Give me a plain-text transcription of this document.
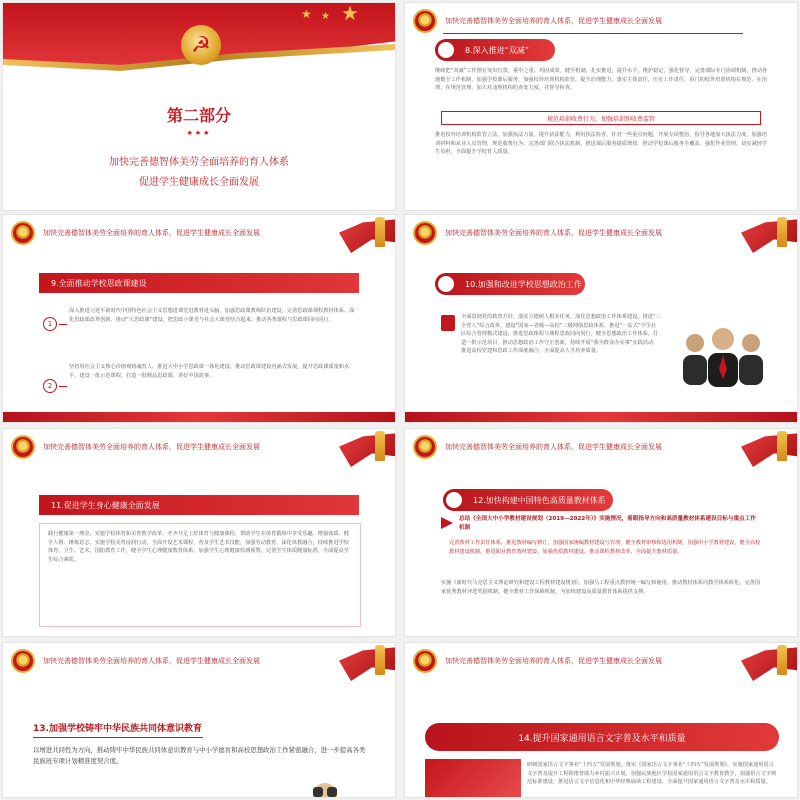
★ ★ ★
☭
第二部分
★★★
加快完善德智体美劳全面培养的育人体系
促进学生健康成长全面发展
加快完善德智体美劳全面培养的育人体系，促进学生健康成长全面发展
8.深入推进“双减”
继续把“双减”工作摆在突出位置，重中之重。巩固成果，健全机制，扎实推进，提升水平，维护稳定，强化督导，完善部际专门协调机制，推动各地健全工作机制，加强学校课后服务，加强校外培训机构监管，提升治理能力，落实主体责任，压实工作责任，看门的校外培训机构在规范、在治理，在规范管理，加大对违规机构的查处力度，并督导检查。
规范培训收费行为，加强培训预收费监管
推进校外培训机构监管立法，加强执法力量，提升执法能力，利用执法检查，针对一些重点问题，开展专项整治，指导各地加大执法力度。加强培训材料和从业人员管理，规范收费行为，完善部门联合执法机制。推进课后服务提质增效，推动学校课后服务全覆盖。强化作业管理，切实减轻学生负担，全面提升学校育人质量。
加快完善德智体美劳全面培养的育人体系，促进学生健康成长全面发展
9.全面推动学校思政课建设
1
深入推进习近平新时代中国特色社会主义思想进课堂进教材进头脑。加强思政课教师队伍建设，完善思政课课程教材体系。深化思政课改革创新，推动“大思政课”建设，把思政小课堂与社会大课堂结合起来，推动各类课程与思政课同向同行。
2
坚持用社会主义核心价值观铸魂育人，推进大中小学思政课一体化建设，推动思政课建设内涵式发展，提升思政课质量和水平，建设一批示范课程，打造一批精品思政课，讲好中国故事。
加快完善德智体美劳全面培养的育人体系，促进学生健康成长全面发展
10.加强和改进学校思想政治工作
全面贯彻党的教育方针，落实立德树人根本任务，深化思想政治工作体系建设，推进“三全育人”综合改革，建设“国家—省级—高校”三级网络思政体系，推进“一站式”学生社区综合管理模式建设，推进思政课程与课程思政同向同行，健全思想政治工作体系，打造一批示范项目，推动思想政治工作守正创新，持续开展“我为群众办实事”实践活动，推进高校党建和思政工作深度融合，全面提高人才培养质量。
加快完善德智体美劳全面培养的育人体系，促进学生健康成长全面发展
11.促进学生身心健康全面发展
践行健康第一理念，实施学校体育和美育教学改革，开齐开足上好体育与健康课程，帮助学生在体育锻炼中享受乐趣、增强体质、健全人格、锤炼意志。实施学校美育浸润行动，全面开设艺术课程，普及学生艺术技能，加强劳动教育，深化体教融合，持续推进学校体育、卫生、艺术、国防教育工作，健全学生心理健康教育体系，加强学生心理健康监测预警，完善学生体质健康标准，全面提高学生综合素质。
加快完善德智体美劳全面培养的育人体系，促进学生健康成长全面发展
12.加快构建中国特色高质量教材体系
总结《全国大中小学教材建设规划（2019—2022年）》实施情况，着眼指导方向和高质量教材体系建设目标与重点工作机制
完善教材工作责任体系，推进教材编写修订，加强国家统编教材建设与管理，健全教材审核和选用机制，加强中小学教材建设，健全高校教材建设机制，推进职业教育教材建设，加强优质教材建设，推动课程教材改革，全面提升教材质量。
实施《新时代马克思主义理论研究和建设工程教材建设规划》，加强马工程重点教材统一编写和使用，推动教材体系向教学体系转化，完善国家优秀教材评选奖励机制，健全教材工作保障机制，为加快建设高质量教育体系提供支撑。
加快完善德智体美劳全面培养的育人体系，促进学生健康成长全面发展
13.加强学校铸牢中华民族共同体意识教育
以增进共同性为方向，推动铸牢中华民族共同体意识教育与中小学德育和高校思想政治工作紧密融合，进一步提高各类民族班专项计划精准度契合度。
加快完善德智体美劳全面培养的育人体系，促进学生健康成长全面发展
14.提升国家通用语言文字普及水平和质量
研制国家语言文字事业“十四五”发展规划，落实《国家语言文字事业“十四五”发展规划》，实施国家通用语言文字普及提升工程和推普助力乡村振兴计划，加强民族地区学校国家通用语言文字教育教学，加强语言文字规范标准建设，推进语言文字信息化和中华经典诵读工程建设，全面提升国家通用语言文字普及水平和质量。
